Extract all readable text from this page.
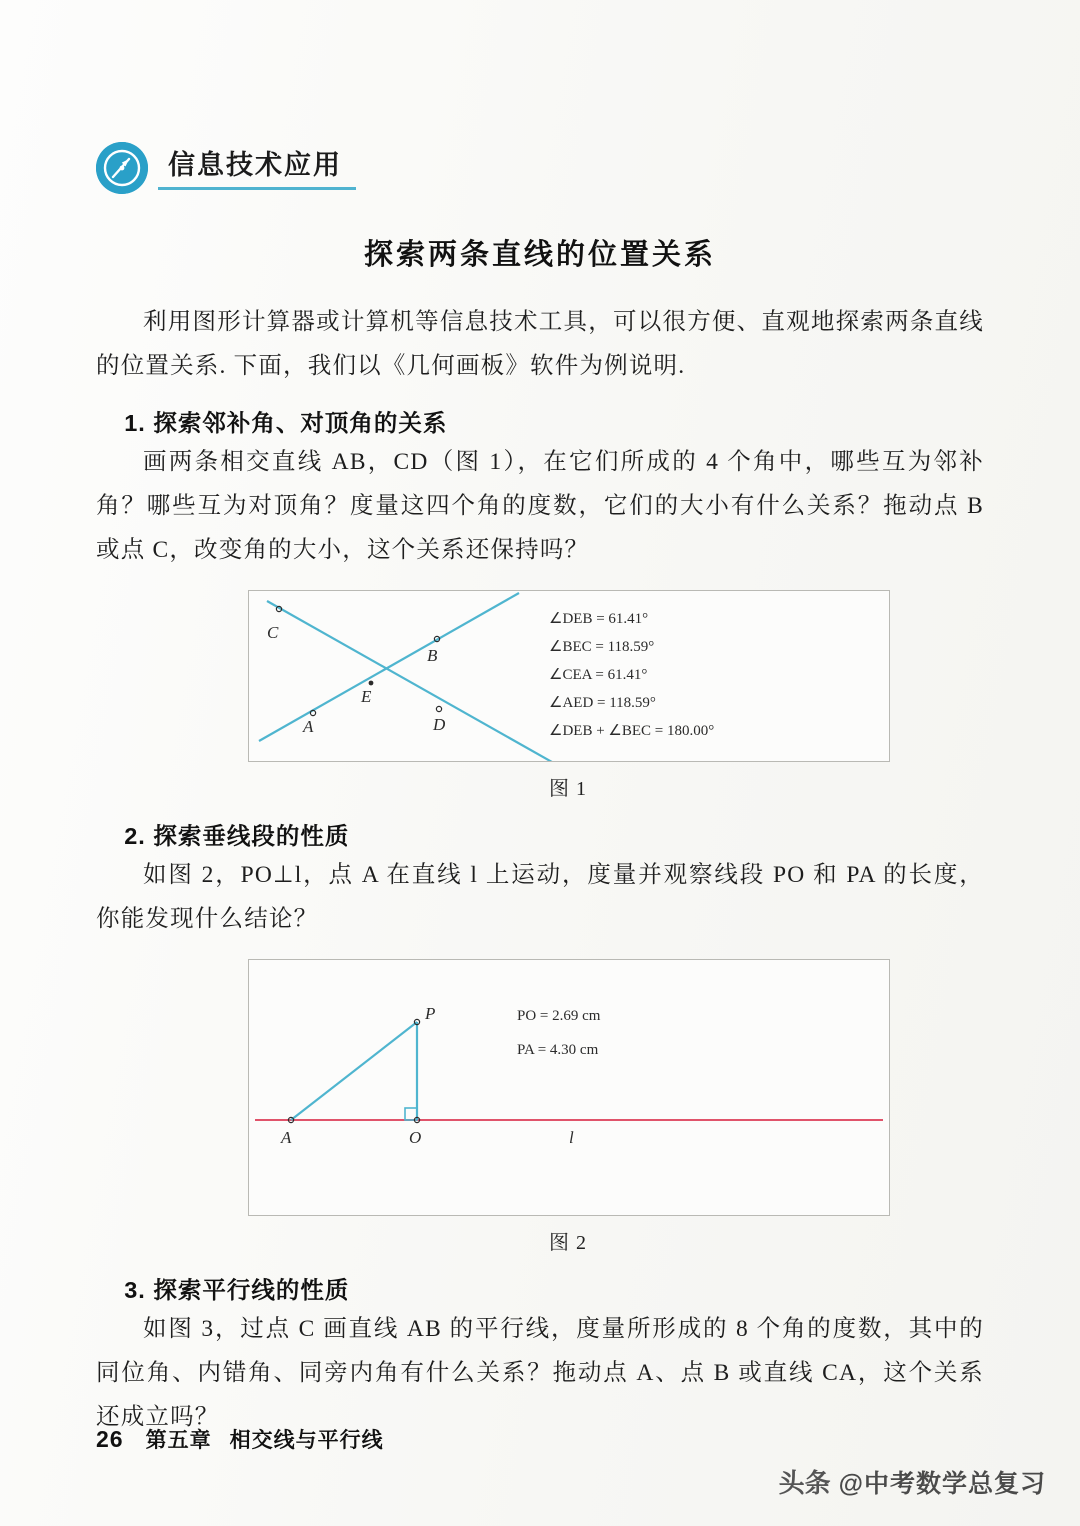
信息技术应用
探索两条直线的位置关系

利用图形计算器或计算机等信息技术工具，可以很方便、直观地探索两条直线的位置关系. 下面，我们以《几何画板》软件为例说明.

1. 探索邻补角、对顶角的关系

画两条相交直线 AB，CD（图 1），在它们所成的 4 个角中，哪些互为邻补角？哪些互为对顶角？度量这四个角的度数，它们的大小有什么关系？拖动点 B 或点 C，改变角的大小，这个关系还保持吗？

C
B
E
A	D
∠DEB = 61.41°
∠BEC = 118.59°
∠CEA = 61.41°
∠AED = 118.59°
∠DEB + ∠BEC = 180.00°
图 1
2. 探索垂线段的性质

如图 2，PO⊥l，点 A 在直线 l 上运动，度量并观察线段 PO 和 PA 的长度，你能发现什么结论？

P
A	O	l
PO = 2.69 cm
PA = 4.30 cm
图 2
3. 探索平行线的性质

如图 3，过点 C 画直线 AB 的平行线，度量所形成的 8 个角的度数，其中的同位角、内错角、同旁内角有什么关系？拖动点 A、点 B 或直线 CA，这个关系还成立吗？

26 第五章 相交线与平行线
头条 @中考数学总复习
